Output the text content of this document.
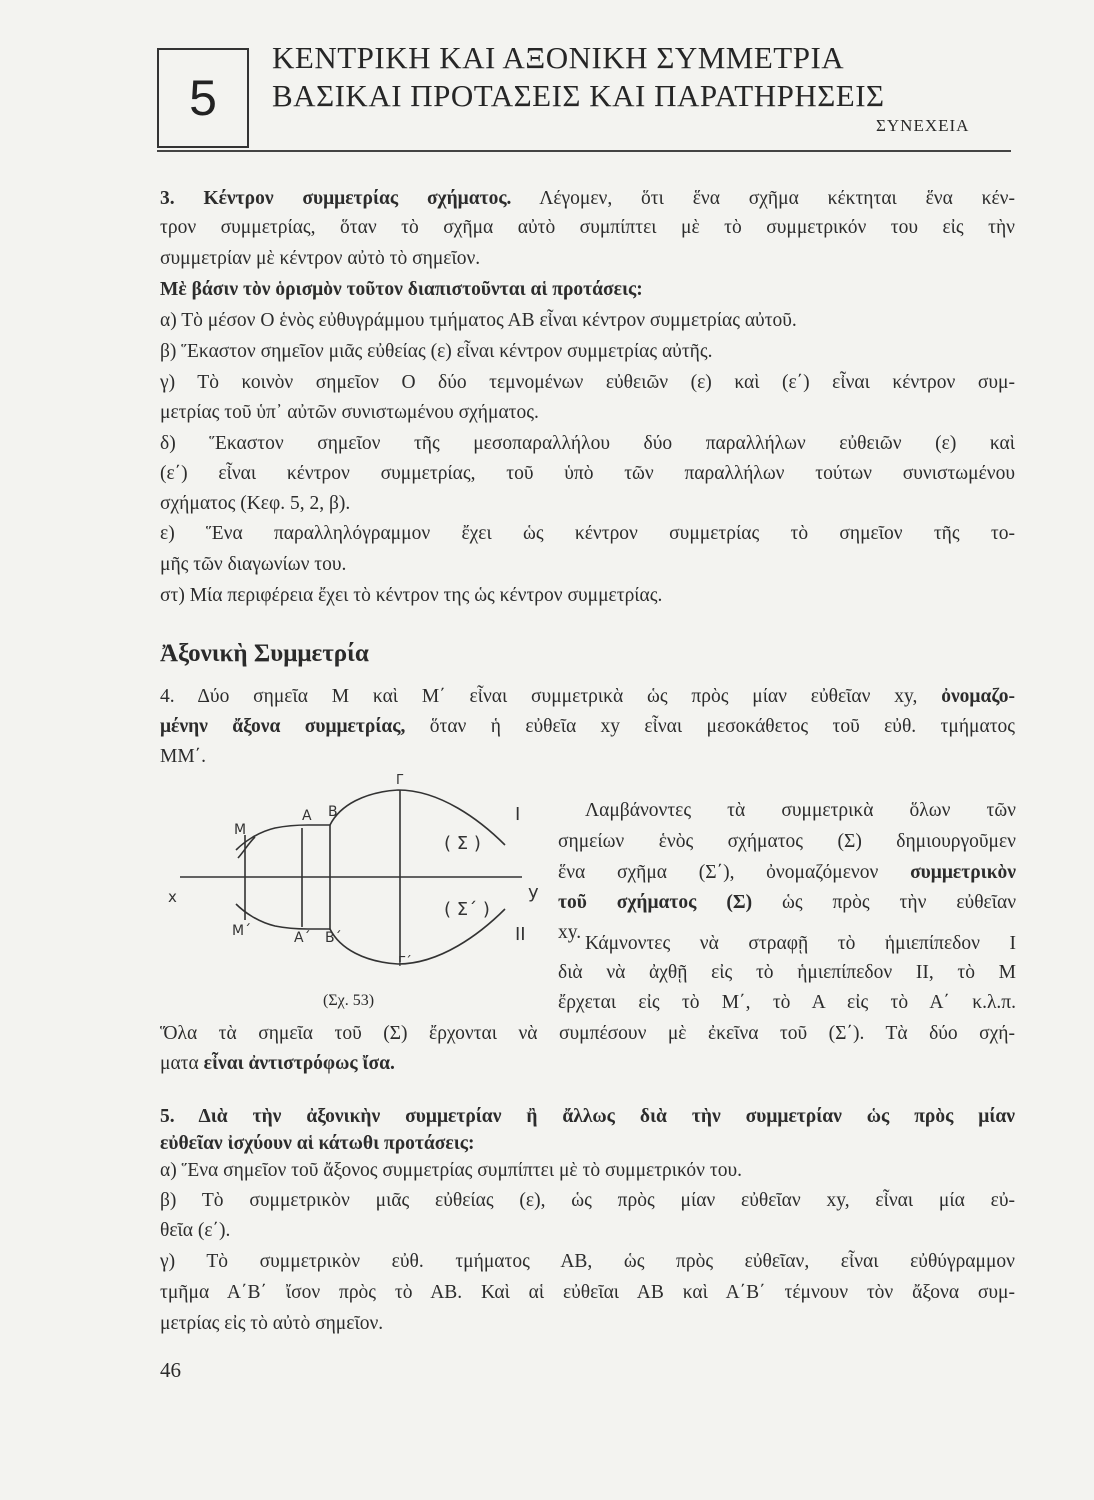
5
ΚΕΝΤΡΙΚΗ ΚΑΙ ΑΞΟΝΙΚΗ ΣΥΜΜΕΤΡΙΑ
ΒΑΣΙΚΑΙ ΠΡΟΤΑΣΕΙΣ ΚΑΙ ΠΑΡΑΤΗΡΗΣΕΙΣ
ΣΥΝΕΧΕΙΑ
3. Κέντρον συμμετρίας σχήματος. Λέγομεν, ὅτι ἕνα σχῆμα κέκτηται ἕνα κέν-
τρον συμμετρίας, ὅταν τὸ σχῆμα αὐτὸ συμπίπτει μὲ τὸ συμμετρικόν του εἰς τὴν
συμμετρίαν μὲ κέντρον αὐτὸ τὸ σημεῖον.
Μὲ βάσιν τὸν ὁρισμὸν τοῦτον διαπιστοῦνται αἱ προτάσεις:
α) Τὸ μέσον Ο ἑνὸς εὐθυγράμμου τμήματος ΑΒ εἶναι κέντρον συμμετρίας αὐτοῦ.
β) Ἕκαστον σημεῖον μιᾶς εὐθείας (ε) εἶναι κέντρον συμμετρίας αὐτῆς.
γ) Τὸ κοινὸν σημεῖον Ο δύο τεμνομένων εὐθειῶν (ε) καὶ (ε΄) εἶναι κέντρον συμ-
μετρίας τοῦ ὑπ᾽ αὐτῶν συνιστωμένου σχήματος.
δ) Ἕκαστον σημεῖον τῆς μεσοπαραλλήλου δύο παραλλήλων εὐθειῶν (ε) καὶ
(ε΄) εἶναι κέντρον συμμετρίας, τοῦ ὑπὸ τῶν παραλλήλων τούτων συνιστωμένου
σχήματος (Κεφ. 5, 2, β).
ε) Ἕνα παραλληλόγραμμον ἔχει ὡς κέντρον συμμετρίας τὸ σημεῖον τῆς το-
μῆς τῶν διαγωνίων του.
στ) Μία περιφέρεια ἔχει τὸ κέντρον της ὡς κέντρον συμμετρίας.
Ἀξονικὴ Συμμετρία
4. Δύο σημεῖα Μ καὶ Μ΄ εἶναι συμμετρικὰ ὡς πρὸς μίαν εὐθεῖαν xy, ὀνομαζο-
μένην ἄξονα συμμετρίας, ὅταν ἡ εὐθεῖα xy εἶναι μεσοκάθετος τοῦ εὐθ. τμήματος
ΜΜ΄.
Α Β
Μ
Γ
x	y
( Σ )
( Σ΄ )
Μ΄	Α΄ Β΄
Γ΄
Ι
ΙΙ
(Σχ. 53)
Λαμβάνοντες τὰ συμμετρικὰ ὅλων τῶν
σημείων ἑνὸς σχήματος (Σ) δημιουργοῦμεν
ἕνα σχῆμα (Σ΄), ὀνομαζόμενον συμμετρικὸν
τοῦ σχήματος (Σ) ὡς πρὸς τὴν εὐθεῖαν
xy.
Κάμνοντες νὰ στραφῇ τὸ ἡμιεπίπεδον Ι
διὰ νὰ ἀχθῇ εἰς τὸ ἡμιεπίπεδον ΙΙ, τὸ Μ
ἔρχεται εἰς τὸ Μ΄, τὸ Α εἰς τὸ Α΄ κ.λ.π.
Ὅλα τὰ σημεῖα τοῦ (Σ) ἔρχονται νὰ συμπέσουν μὲ ἐκεῖνα τοῦ (Σ΄). Τὰ δύο σχή-
ματα εἶναι ἀντιστρόφως ἴσα.
5. Διὰ τὴν ἀξονικὴν συμμετρίαν ἢ ἄλλως διὰ τὴν συμμετρίαν ὡς πρὸς μίαν
εὐθεῖαν ἰσχύουν αἱ κάτωθι προτάσεις:
α) Ἕνα σημεῖον τοῦ ἄξονος συμμετρίας συμπίπτει μὲ τὸ συμμετρικόν του.
β) Τὸ συμμετρικὸν μιᾶς εὐθείας (ε), ὡς πρὸς μίαν εὐθεῖαν xy, εἶναι μία εὐ-
θεῖα (ε΄).
γ) Τὸ συμμετρικὸν εὐθ. τμήματος ΑΒ, ὡς πρὸς εὐθεῖαν, εἶναι εὐθύγραμμον
τμῆμα Α΄Β΄ ἴσον πρὸς τὸ ΑΒ. Καὶ αἱ εὐθεῖαι ΑΒ καὶ Α΄Β΄ τέμνουν τὸν ἄξονα συμ-
μετρίας εἰς τὸ αὐτὸ σημεῖον.
46
